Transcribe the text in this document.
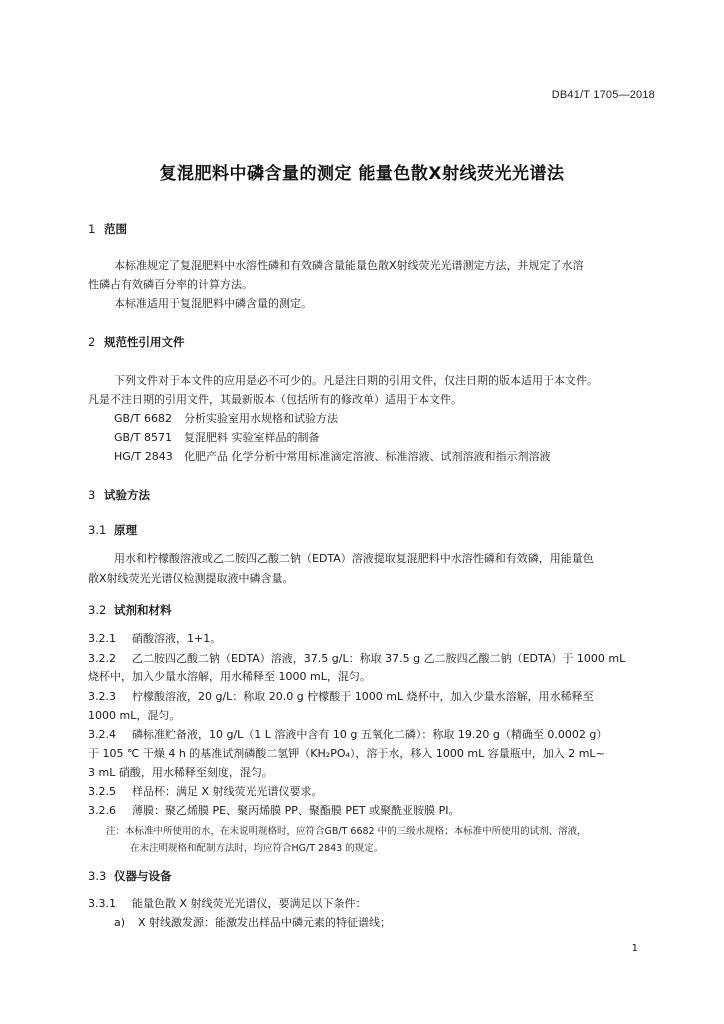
DB41/T 1705—2018
复混肥料中磷含量的测定 能量色散X射线荧光光谱法
1 范围
本标准规定了复混肥料中水溶性磷和有效磷含量能量色散X射线荧光光谱测定方法，并规定了水溶
性磷占有效磷百分率的计算方法。
本标准适用于复混肥料中磷含量的测定。
2 规范性引用文件
下列文件对于本文件的应用是必不可少的。凡是注日期的引用文件，仅注日期的版本适用于本文件。
凡是不注日期的引用文件，其最新版本（包括所有的修改单）适用于本文件。
GB/T 6682 分析实验室用水规格和试验方法
GB/T 8571 复混肥料 实验室样品的制备
HG/T 2843 化肥产品 化学分析中常用标准滴定溶液、标准溶液、试剂溶液和指示剂溶液
3 试验方法
3.1 原理
用水和柠檬酸溶液或乙二胺四乙酸二钠（EDTA）溶液提取复混肥料中水溶性磷和有效磷，用能量色
散X射线荧光光谱仪检测提取液中磷含量。
3.2 试剂和材料
3.2.1 硝酸溶液，1+1。
3.2.2 乙二胺四乙酸二钠（EDTA）溶液，37.5 g/L：称取 37.5 g 乙二胺四乙酸二钠（EDTA）于 1000 mL
烧杯中，加入少量水溶解，用水稀释至 1000 mL，混匀。
3.2.3 柠檬酸溶液，20 g/L：称取 20.0 g 柠檬酸于 1000 mL 烧杯中，加入少量水溶解，用水稀释至
1000 mL，混匀。
3.2.4 磷标准贮备液，10 g/L（1 L 溶液中含有 10 g 五氧化二磷）：称取 19.20 g（精确至 0.0002 g）
于 105 ℃ 干燥 4 h 的基准试剂磷酸二氢钾（KH₂PO₄），溶于水，移入 1000 mL 容量瓶中，加入 2 mL~
3 mL 硝酸，用水稀释至刻度，混匀。
3.2.5 样品杯：满足 X 射线荧光光谱仪要求。
3.2.6 薄膜：聚乙烯膜 PE、聚丙烯膜 PP、聚酯膜 PET 或聚酰亚胺膜 PI。
注：本标准中所使用的水，在未说明规格时，应符合GB/T 6682 中的三级水规格；本标准中所使用的试剂、溶液，
在未注明规格和配制方法时，均应符合HG/T 2843 的规定。
3.3 仪器与设备
3.3.1 能量色散 X 射线荧光光谱仪，要满足以下条件：
a) X 射线激发源：能激发出样品中磷元素的特征谱线；
1
